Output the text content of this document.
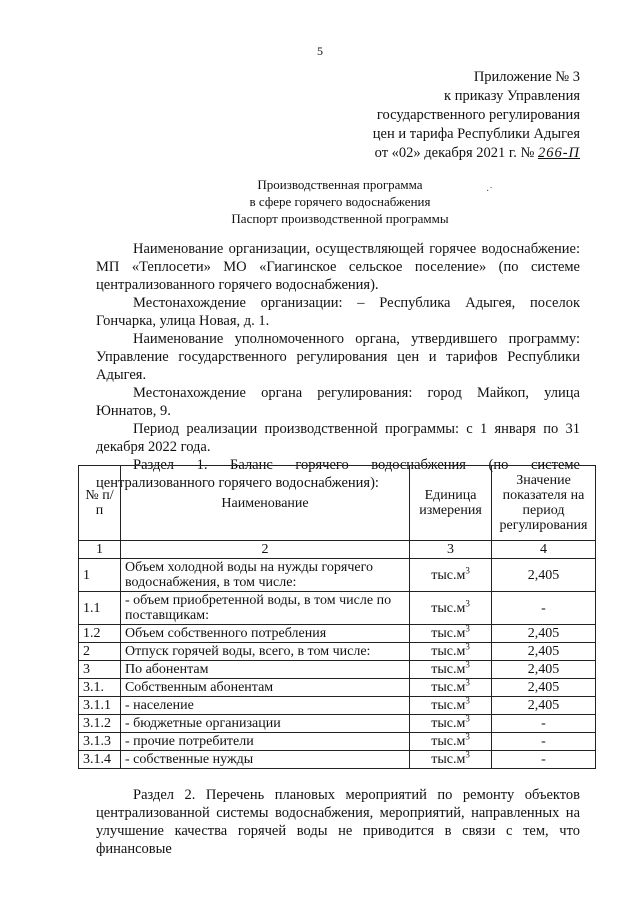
5
Приложение № 3
к приказу Управления
государственного регулирования
цен и тарифа Республики Адыгея
от «02» декабря 2021 г. № 266-П
Производственная программа
в сфере горячего водоснабжения
Паспорт производственной программы
·˙

Наименование организации, осуществляющей горячее водоснабжение: МП «Теплосети» МО «Гиагинское сельское поселение» (по системе централизованного горячего водоснабжения).

Местонахождение организации: – Республика Адыгея, поселок Гончарка, улица Новая, д. 1.

Наименование уполномоченного органа, утвердившего программу: Управление государственного регулирования цен и тарифов Республики Адыгея.

Местонахождение органа регулирования: город Майкоп, улица Юннатов, 9.

Период реализации производственной программы: с 1 января по 31 декабря 2022 года.

Раздел 1. Баланс горячего водоснабжения (по системе централизованного горячего водоснабжения):

№ п/п	Наименование	Единица измерения	Значение показателя на период регулирования
1	2	3	4
1	Объем холодной воды на нужды горячего водоснабжения, в том числе:	$тыс.м^3$	2,405
1.1	- объем приобретенной воды, в том числе по поставщикам:	$тыс.м^3$	-
1.2	Объем собственного потребления	$тыс.м^3$	2,405
2	Отпуск горячей воды, всего, в том числе:	$тыс.м^3$	2,405
3	По абонентам	$тыс.м^3$	2,405
3.1.	Собственным абонентам	$тыс.м^3$	2,405
3.1.1	- население	$тыс.м^3$	2,405
3.1.2	- бюджетные организации	$тыс.м^3$	-
3.1.3	- прочие потребители	$тыс.м^3$	-
3.1.4	- собственные нужды	$тыс.м^3$	-

Раздел 2. Перечень плановых мероприятий по ремонту объектов централизованной системы водоснабжения, мероприятий, направленных на улучшение качества горячей воды не приводится в связи с тем, что финансовые
